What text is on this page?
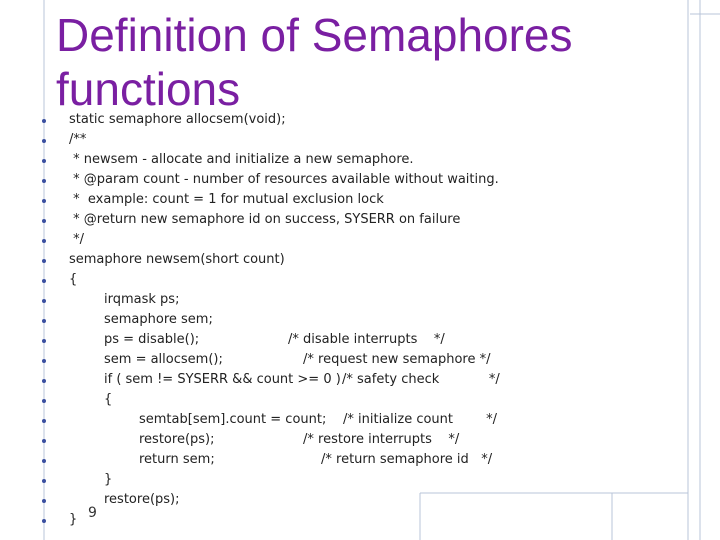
Definition of Semaphores
functions
static semaphore allocsem(void);
/**
* newsem - allocate and initialize a new semaphore.
* @param count - number of resources available without waiting.
*  example: count = 1 for mutual exclusion lock
* @return new semaphore id on success, SYSERR on failure
*/
semaphore newsem(short count)
{
irqmask ps;
semaphore sem;
ps = disable();	/* disable interrupts    */
sem = allocsem();	/* request new semaphore */
if ( sem != SYSERR && count >= 0 ) /* safety check            */
{
semtab[sem].count = count; /* initialize count        */
restore(ps);	/* restore interrupts    */
return sem;	/* return semaphore id   */
}
restore(ps);
} 9
